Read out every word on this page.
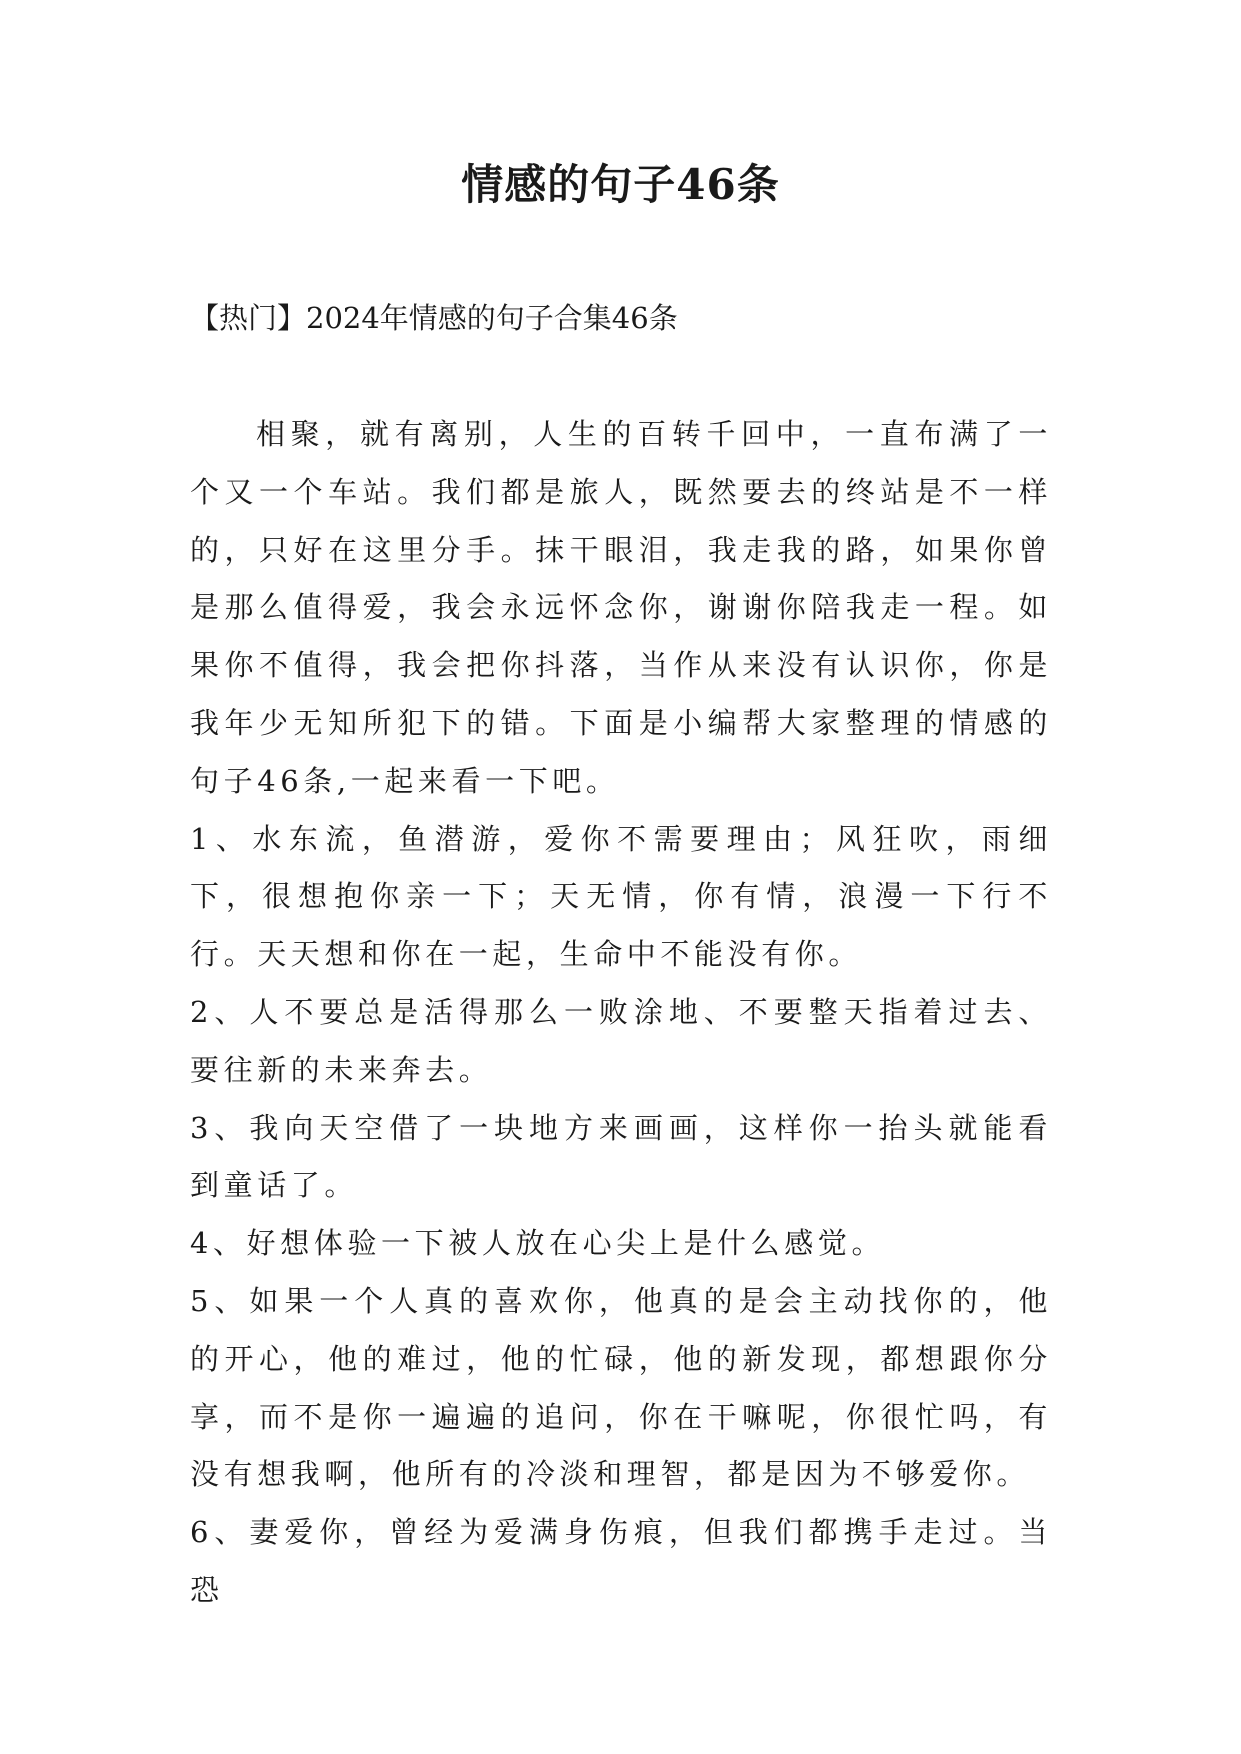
情感的句子46条

【热门】2024年情感的句子合集46条

相聚，就有离别，人生的百转千回中，一直布满了一个又一个车站。我们都是旅人，既然要去的终站是不一样的，只好在这里分手。抹干眼泪，我走我的路，如果你曾是那么值得爱，我会永远怀念你，谢谢你陪我走一程。如果你不值得，我会把你抖落，当作从来没有认识你，你是我年少无知所犯下的错。下面是小编帮大家整理的情感的句子46条,一起来看一下吧。

1、水东流，鱼潜游，爱你不需要理由；风狂吹，雨细下，很想抱你亲一下；天无情，你有情，浪漫一下行不行。天天想和你在一起，生命中不能没有你。

2、人不要总是活得那么一败涂地、不要整天指着过去、要往新的未来奔去。

3、我向天空借了一块地方来画画，这样你一抬头就能看到童话了。

4、好想体验一下被人放在心尖上是什么感觉。

5、如果一个人真的喜欢你，他真的是会主动找你的，他的开心，他的难过，他的忙碌，他的新发现，都想跟你分享，而不是你一遍遍的追问，你在干嘛呢，你很忙吗，有没有想我啊，他所有的冷淡和理智，都是因为不够爱你。

6、妻爱你，曾经为爱满身伤痕，但我们都携手走过。当恐
